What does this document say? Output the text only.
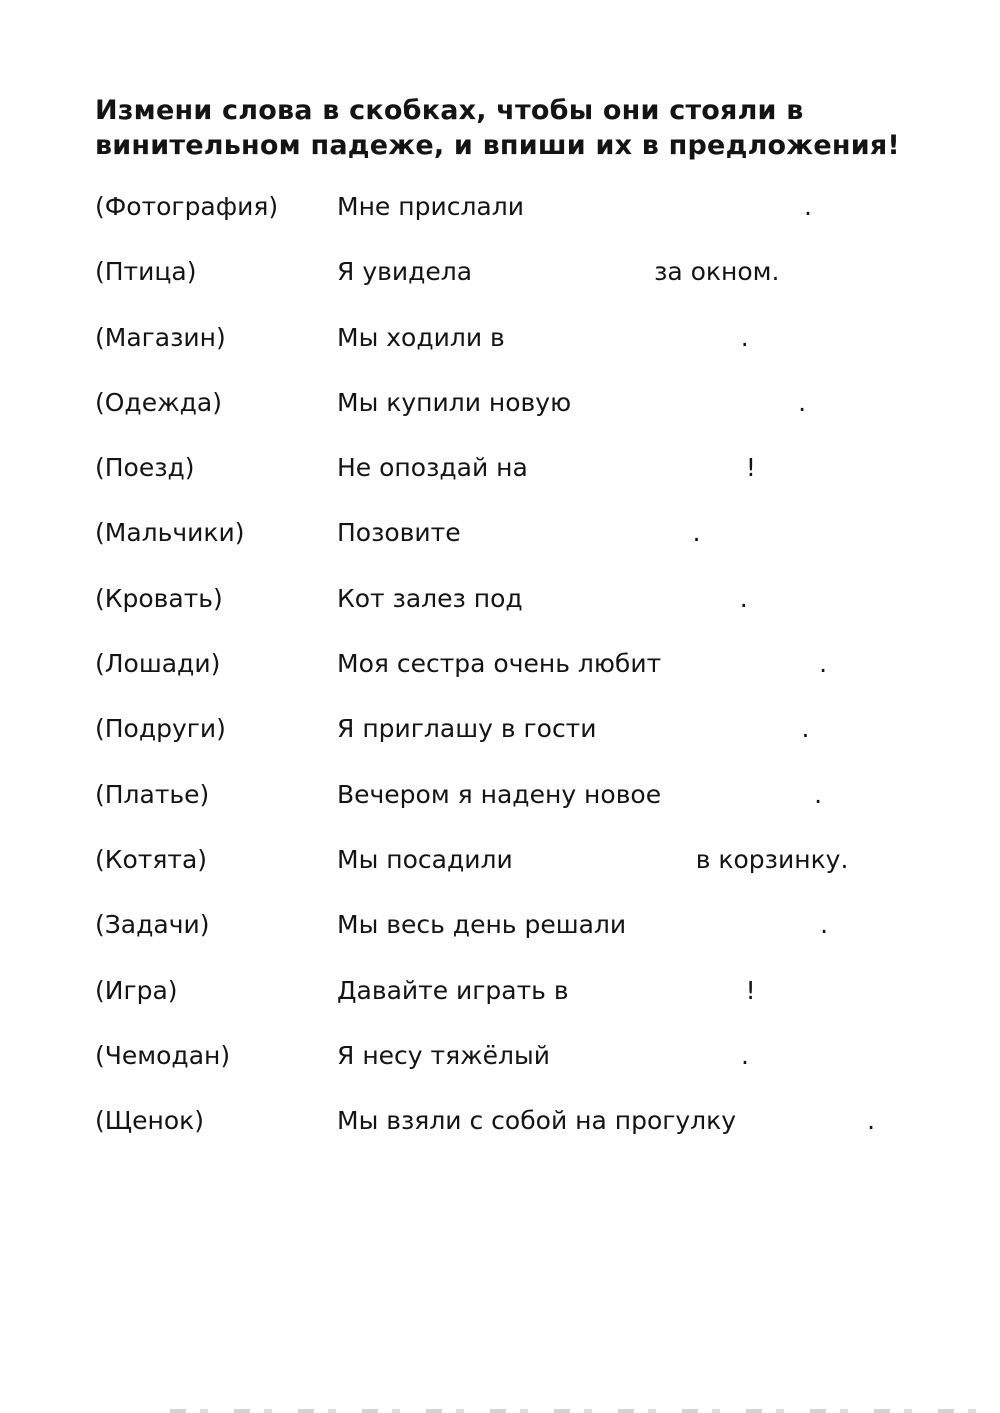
Измени слова в скобках, чтобы они стояли в
винительном падеже, и впиши их в предложения!
(Фотография)	Мне прислали	.
(Птица)	Я увидела	за окном.
(Магазин)	Мы ходили в	.
(Одежда)	Мы купили новую	.
(Поезд)	Не опоздай на	!
(Мальчики)	Позовите	.
(Кровать)	Кот залез под	.
(Лошади)	Моя сестра очень любит	.
(Подруги)	Я приглашу в гости	.
(Платье)	Вечером я надену новое	.
(Котята)	Мы посадили	в корзинку.
(Задачи)	Мы весь день решали	.
(Игра)	Давайте играть в	!
(Чемодан)	Я несу тяжёлый	.
(Щенок)	Мы взяли с собой на прогулку	.
